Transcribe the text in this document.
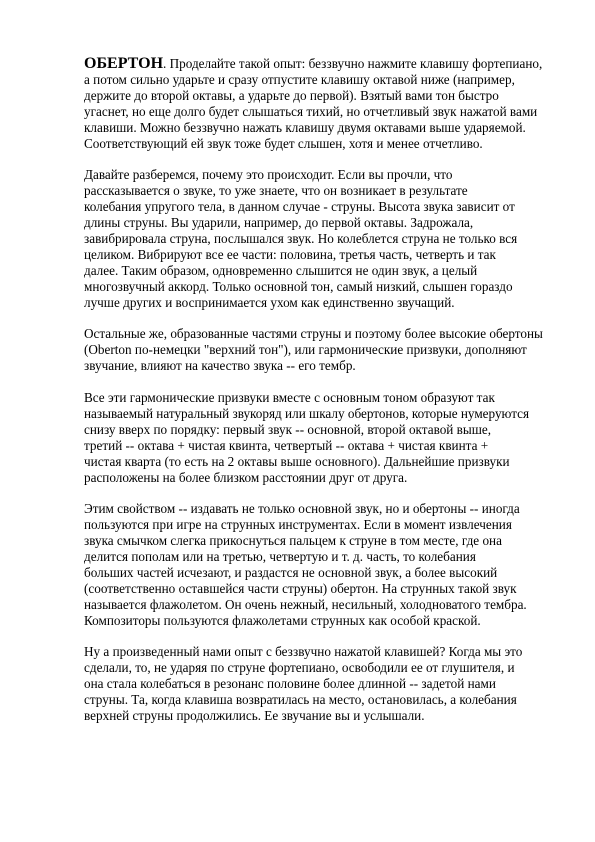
ОБЕРТОН. Проделайте такой опыт: беззвучно нажмите клавишу фортепиано,
а потом сильно ударьте и сразу отпустите клавишу октавой ниже (например,
держите до второй октавы, а ударьте до первой). Взятый вами тон быстро
угаснет, но еще долго будет слышаться тихий, но отчетливый звук нажатой вами
клавиши. Можно беззвучно нажать клавишу двумя октавами выше ударяемой.
Соответствующий ей звук тоже будет слышен, хотя и менее отчетливо.

Давайте разберемся, почему это происходит. Если вы прочли, что
рассказывается о звуке, то уже знаете, что он возникает в результате
колебания упругого тела, в данном случае - струны. Высота звука зависит от
длины струны. Вы ударили, например, до первой октавы. Задрожала,
завибрировала струна, послышался звук. Но колеблется струна не только вся
целиком. Вибрируют все ее части: половина, третья часть, четверть и так
далее. Таким образом, одновременно слышится не один звук, а целый
многозвучный аккорд. Только основной тон, самый низкий, слышен гораздо
лучше других и воспринимается ухом как единственно звучащий.

Остальные же, образованные частями струны и поэтому более высокие обертоны
(Oberton по-немецки "верхний тон"), или гармонические призвуки, дополняют
звучание, влияют на качество звука -- его тембр.

Все эти гармонические призвуки вместе с основным тоном образуют так
называемый натуральный звукоряд или шкалу обертонов, которые нумеруются
снизу вверх по порядку: первый звук -- основной, второй октавой выше,
третий -- октава + чистая квинта, четвертый -- октава + чистая квинта +
чистая кварта (то есть на 2 октавы выше основного). Дальнейшие призвуки
расположены на более близком расстоянии друг от друга.

Этим свойством -- издавать не только основной звук, но и обертоны -- иногда
пользуются при игре на струнных инструментах. Если в момент извлечения
звука смычком слегка прикоснуться пальцем к струне в том месте, где она
делится пополам или на третью, четвертую и т. д. часть, то колебания
больших частей исчезают, и раздастся не основной звук, а более высокий
(соответственно оставшейся части струны) обертон. На струнных такой звук
называется флажолетом. Он очень нежный, несильный, холодноватого тембра.
Композиторы пользуются флажолетами струнных как особой краской.

Ну а произведенный нами опыт с беззвучно нажатой клавишей? Когда мы это
сделали, то, не ударяя по струне фортепиано, освободили ее от глушителя, и
она стала колебаться в резонанс половине более длинной -- задетой нами
струны. Та, когда клавиша возвратилась на место, остановилась, а колебания
верхней струны продолжились. Ее звучание вы и услышали.
